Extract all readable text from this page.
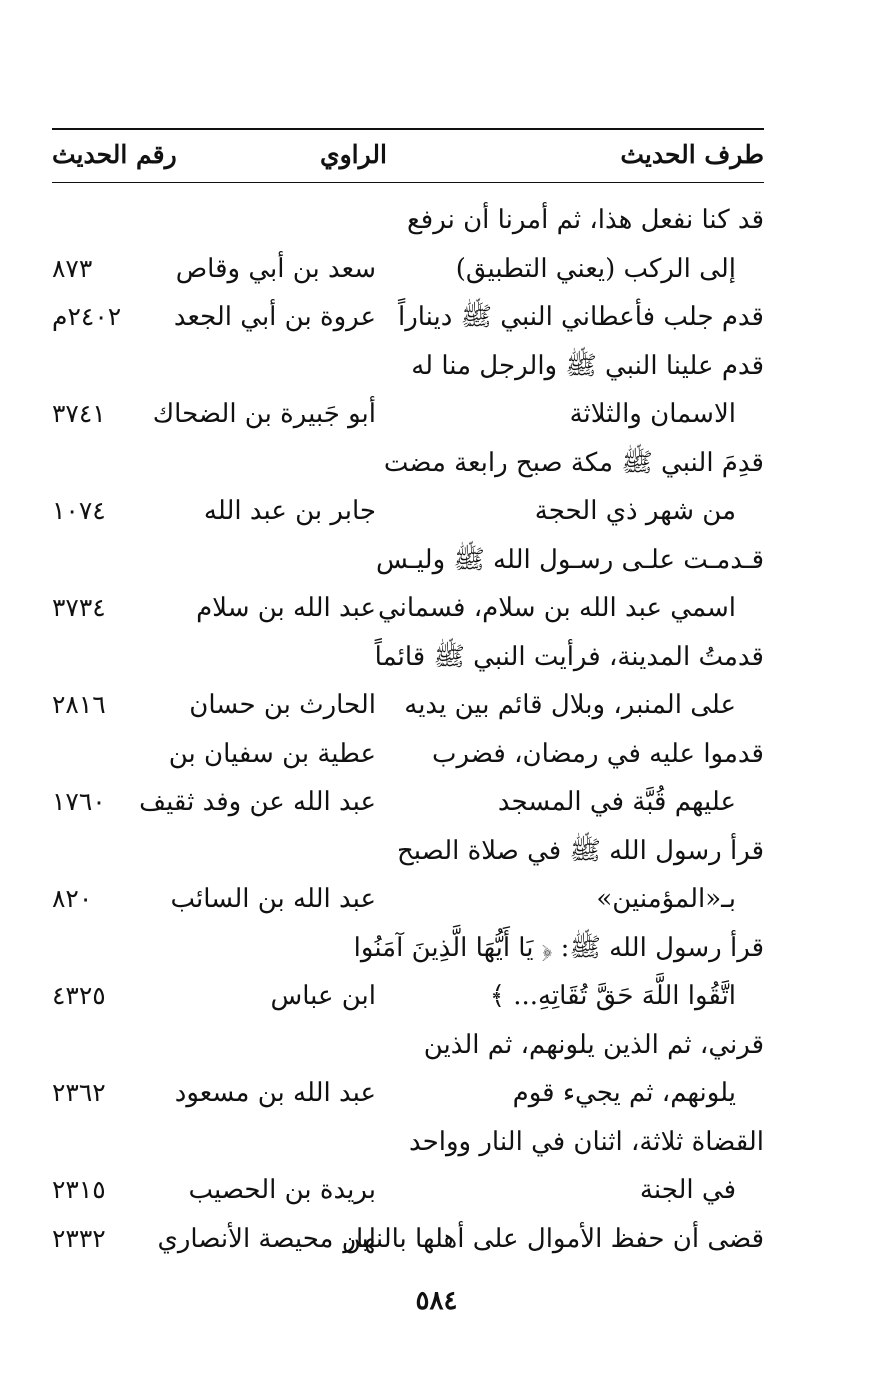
طرف الحديث
الراوي
رقم الحديث
قد كنا نفعل هذا، ثم أمرنا أن نرفع
إلى الركب (يعني التطبيق)
سعد بن أبي وقاص
٨٧٣
قدم جلب فأعطاني النبي ﷺ ديناراً
عروة بن أبي الجعد
٢٤٠٢م
قدم علينا النبي ﷺ والرجل منا له
الاسمان والثلاثة
أبو جَبيرة بن الضحاك
٣٧٤١
قدِمَ النبي ﷺ مكة صبح رابعة مضت
من شهر ذي الحجة
جابر بن عبد الله
١٠٧٤
قـدمـت علـى رسـول الله ﷺ وليـس
اسمي عبد الله بن سلام، فسماني
عبد الله بن سلام
٣٧٣٤
قدمتُ المدينة، فرأيت النبي ﷺ قائماً
على المنبر، وبلال قائم بين يديه
الحارث بن حسان
٢٨١٦
قدموا عليه في رمضان، فضرب
عطية بن سفيان بن
عليهم قُبَّة في المسجد
عبد الله عن وفد ثقيف
١٧٦٠
قرأ رسول الله ﷺ في صلاة الصبح
بـ«المؤمنين»
عبد الله بن السائب
٨٢٠
قرأ رسول الله ﷺ: ﴿ يَا أَيُّهَا الَّذِينَ آمَنُوا
اتَّقُوا اللَّهَ حَقَّ تُقَاتِهِ... ﴾
ابن عباس
٤٣٢٥
قرني، ثم الذين يلونهم، ثم الذين
يلونهم، ثم يجيء قوم
عبد الله بن مسعود
٢٣٦٢
القضاة ثلاثة، اثنان في النار وواحد
في الجنة
بريدة بن الحصيب
٢٣١٥
قضى أن حفظ الأموال على أهلها بالنهار
ابن محيصة الأنصاري
٢٣٣٢
٥٨٤
